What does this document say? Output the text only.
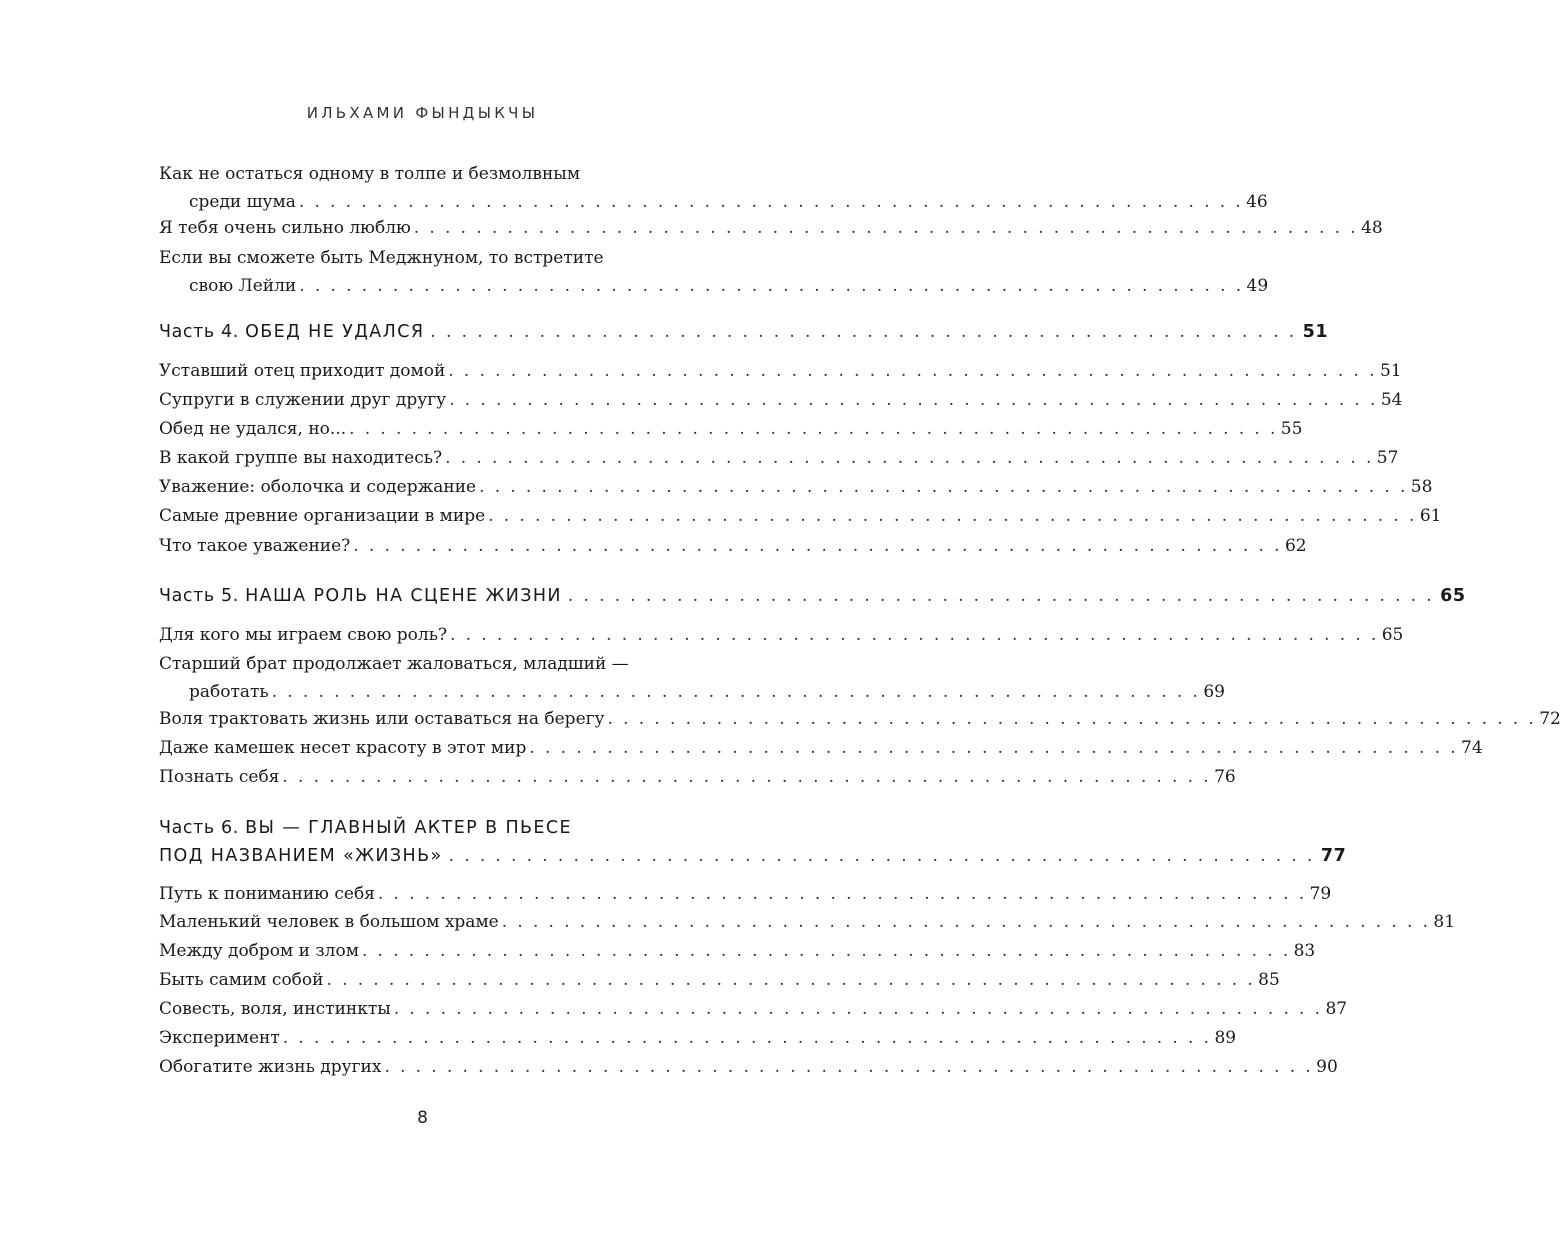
ИЛЬХАМИ ФЫНДЫКЧЫ
Как не остаться одному в толпе и безмолвным
среди шума . . . . . . . . . . . . . . . . . . . . . . . . . . . . . . . . . . . . . . . . . . . . . . . . . . . . . . . . . . . . . 46
Я тебя очень сильно люблю . . . . . . . . . . . . . . . . . . . . . . . . . . . . . . . . . . . . . . . . . . . . . . . . . . . . . . . . . . . . . 48
Если вы сможете быть Меджнуном, то встретите
свою Лейли . . . . . . . . . . . . . . . . . . . . . . . . . . . . . . . . . . . . . . . . . . . . . . . . . . . . . . . . . . . . . 49
Часть 4. ОБЕД НЕ УДАЛСЯ . . . . . . . . . . . . . . . . . . . . . . . . . . . . . . . . . . . . . . . . . . . . . . . . . . . . . . . . 51
Уставший отец приходит домой . . . . . . . . . . . . . . . . . . . . . . . . . . . . . . . . . . . . . . . . . . . . . . . . . . . . . . . . . . . . 51
Супруги в служении друг другу . . . . . . . . . . . . . . . . . . . . . . . . . . . . . . . . . . . . . . . . . . . . . . . . . . . . . . . . . . . . 54
Обед не удался, но... . . . . . . . . . . . . . . . . . . . . . . . . . . . . . . . . . . . . . . . . . . . . . . . . . . . . . . . . . . . . 55
В какой группе вы находитесь? . . . . . . . . . . . . . . . . . . . . . . . . . . . . . . . . . . . . . . . . . . . . . . . . . . . . . . . . . . . . 57
Уважение: оболочка и содержание . . . . . . . . . . . . . . . . . . . . . . . . . . . . . . . . . . . . . . . . . . . . . . . . . . . . . . . . . . . . 58
Самые древние организации в мире . . . . . . . . . . . . . . . . . . . . . . . . . . . . . . . . . . . . . . . . . . . . . . . . . . . . . . . . . . . . 61
Что такое уважение? . . . . . . . . . . . . . . . . . . . . . . . . . . . . . . . . . . . . . . . . . . . . . . . . . . . . . . . . . . . . 62
Часть 5. НАША РОЛЬ НА СЦЕНЕ ЖИЗНИ . . . . . . . . . . . . . . . . . . . . . . . . . . . . . . . . . . . . . . . . . . . . . . . . . . . . . . . . 65
Для кого мы играем свою роль? . . . . . . . . . . . . . . . . . . . . . . . . . . . . . . . . . . . . . . . . . . . . . . . . . . . . . . . . . . . . 65
Старший брат продолжает жаловаться, младший —
работать . . . . . . . . . . . . . . . . . . . . . . . . . . . . . . . . . . . . . . . . . . . . . . . . . . . . . . . . . . . . 69
Воля трактовать жизнь или оставаться на берегу . . . . . . . . . . . . . . . . . . . . . . . . . . . . . . . . . . . . . . . . . . . . . . . . . . . . . . . . . . . . 72
Даже камешек несет красоту в этот мир . . . . . . . . . . . . . . . . . . . . . . . . . . . . . . . . . . . . . . . . . . . . . . . . . . . . . . . . . . . . 74
Познать себя . . . . . . . . . . . . . . . . . . . . . . . . . . . . . . . . . . . . . . . . . . . . . . . . . . . . . . . . . . . . 76
Часть 6. ВЫ — ГЛАВНЫЙ АКТЕР В ПЬЕСЕ
ПОД НАЗВАНИЕМ «ЖИЗНЬ» . . . . . . . . . . . . . . . . . . . . . . . . . . . . . . . . . . . . . . . . . . . . . . . . . . . . . . . . 77
Путь к пониманию себя . . . . . . . . . . . . . . . . . . . . . . . . . . . . . . . . . . . . . . . . . . . . . . . . . . . . . . . . . . . . 79
Маленький человек в большом храме . . . . . . . . . . . . . . . . . . . . . . . . . . . . . . . . . . . . . . . . . . . . . . . . . . . . . . . . . . . . 81
Между добром и злом . . . . . . . . . . . . . . . . . . . . . . . . . . . . . . . . . . . . . . . . . . . . . . . . . . . . . . . . . . . . 83
Быть самим собой . . . . . . . . . . . . . . . . . . . . . . . . . . . . . . . . . . . . . . . . . . . . . . . . . . . . . . . . . . . . 85
Совесть, воля, инстинкты . . . . . . . . . . . . . . . . . . . . . . . . . . . . . . . . . . . . . . . . . . . . . . . . . . . . . . . . . . . . 87
Эксперимент . . . . . . . . . . . . . . . . . . . . . . . . . . . . . . . . . . . . . . . . . . . . . . . . . . . . . . . . . . . . 89
Обогатите жизнь других . . . . . . . . . . . . . . . . . . . . . . . . . . . . . . . . . . . . . . . . . . . . . . . . . . . . . . . . . . . . 90
8
